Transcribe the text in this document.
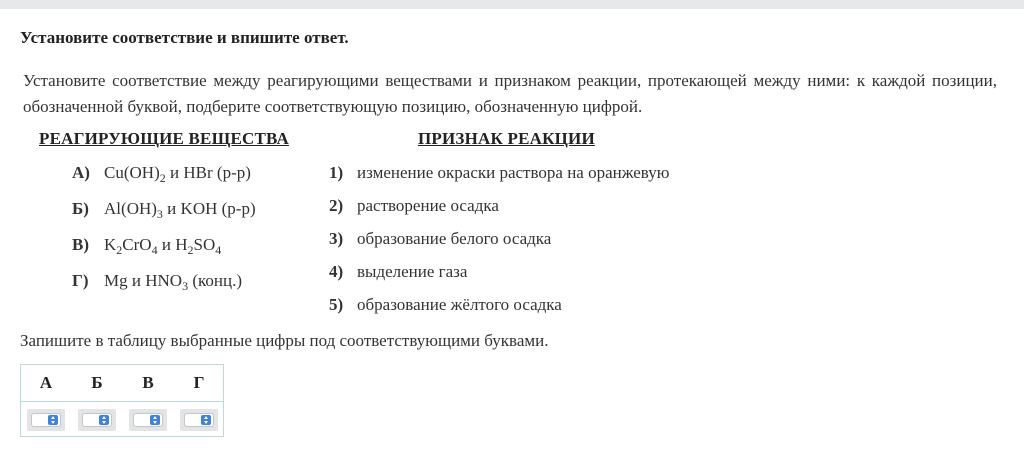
Установите соответствие и впишите ответ.
Установите соответствие между реагирующими веществами и признаком реакции, протекающей между ними: к каждой позиции, обозначенной буквой, подберите соответствующую позицию, обозначенную цифрой.
РЕАГИРУЮЩИЕ ВЕЩЕСТВА	ПРИЗНАК РЕАКЦИИ
А) $Cu(OH)_2$ и HBr (р-р)
Б) $Al(OH)_3$ и KOH (р-р)
В) $K_2CrO_4$ и $H_2SO_4$
Г) Mg и $HNO_3$ (конц.)
1) изменение окраски раствора на оранжевую
2) растворение осадка
3) образование белого осадка
4) выделение газа
5) образование жёлтого осадка
Запишите в таблицу выбранные цифры под соответствующими буквами.
А	Б	В	Г
